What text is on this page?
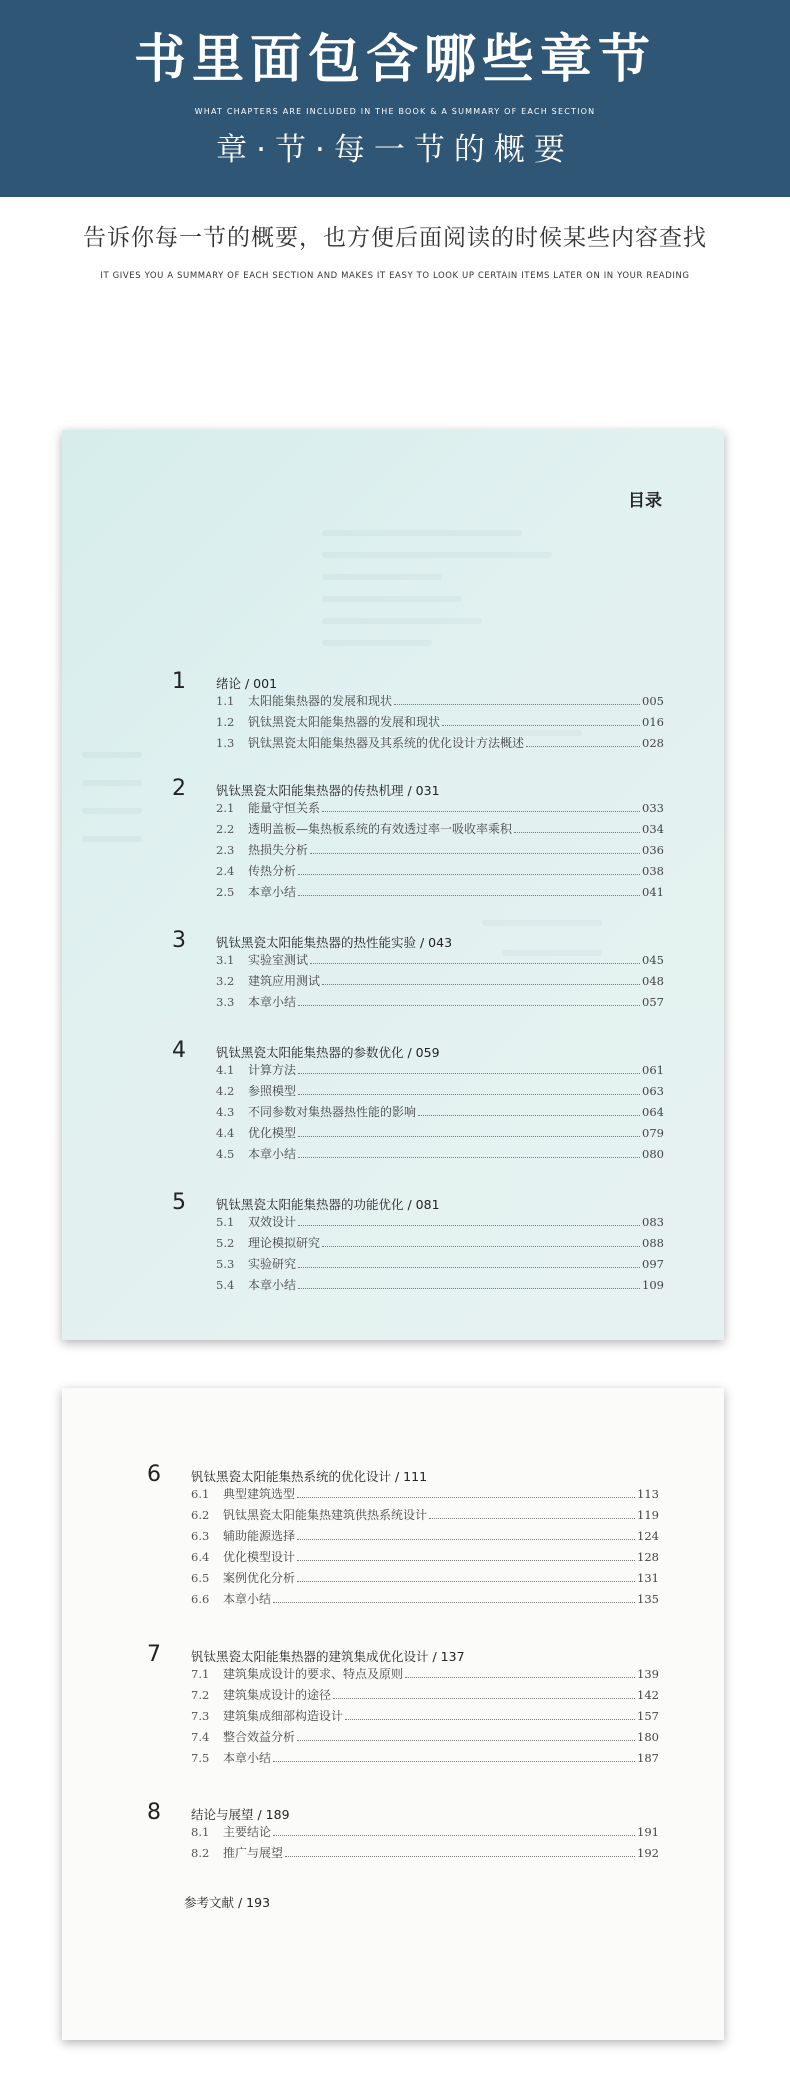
书里面包含哪些章节
WHAT CHAPTERS ARE INCLUDED IN THE BOOK & A SUMMARY OF EACH SECTION
章·节·每一节的概要
告诉你每一节的概要，也方便后面阅读的时候某些内容查找
IT GIVES YOU A SUMMARY OF EACH SECTION AND MAKES IT EASY TO LOOK UP CERTAIN ITEMS LATER ON IN YOUR READING
目录
1	绪论 / 001
1.1	太阳能集热器的发展和现状	005
1.2	钒钛黑瓷太阳能集热器的发展和现状	016
1.3	钒钛黑瓷太阳能集热器及其系统的优化设计方法概述	028
2	钒钛黑瓷太阳能集热器的传热机理 / 031
2.1	能量守恒关系	033
2.2	透明盖板—集热板系统的有效透过率一吸收率乘积	034
2.3	热损失分析	036
2.4	传热分析	038
2.5	本章小结	041
3	钒钛黑瓷太阳能集热器的热性能实验 / 043
3.1	实验室测试	045
3.2	建筑应用测试	048
3.3	本章小结	057
4	钒钛黑瓷太阳能集热器的参数优化 / 059
4.1	计算方法	061
4.2	参照模型	063
4.3	不同参数对集热器热性能的影响	064
4.4	优化模型	079
4.5	本章小结	080
5	钒钛黑瓷太阳能集热器的功能优化 / 081
5.1	双效设计	083
5.2	理论模拟研究	088
5.3	实验研究	097
5.4	本章小结	109
6	钒钛黑瓷太阳能集热系统的优化设计 / 111
6.1	典型建筑选型	113
6.2	钒钛黑瓷太阳能集热建筑供热系统设计	119
6.3	辅助能源选择	124
6.4	优化模型设计	128
6.5	案例优化分析	131
6.6	本章小结	135
7	钒钛黑瓷太阳能集热器的建筑集成优化设计 / 137
7.1	建筑集成设计的要求、特点及原则	139
7.2	建筑集成设计的途径	142
7.3	建筑集成细部构造设计	157
7.4	整合效益分析	180
7.5	本章小结	187
8	结论与展望 / 189
8.1	主要结论	191
8.2	推广与展望	192
参考文献 / 193
